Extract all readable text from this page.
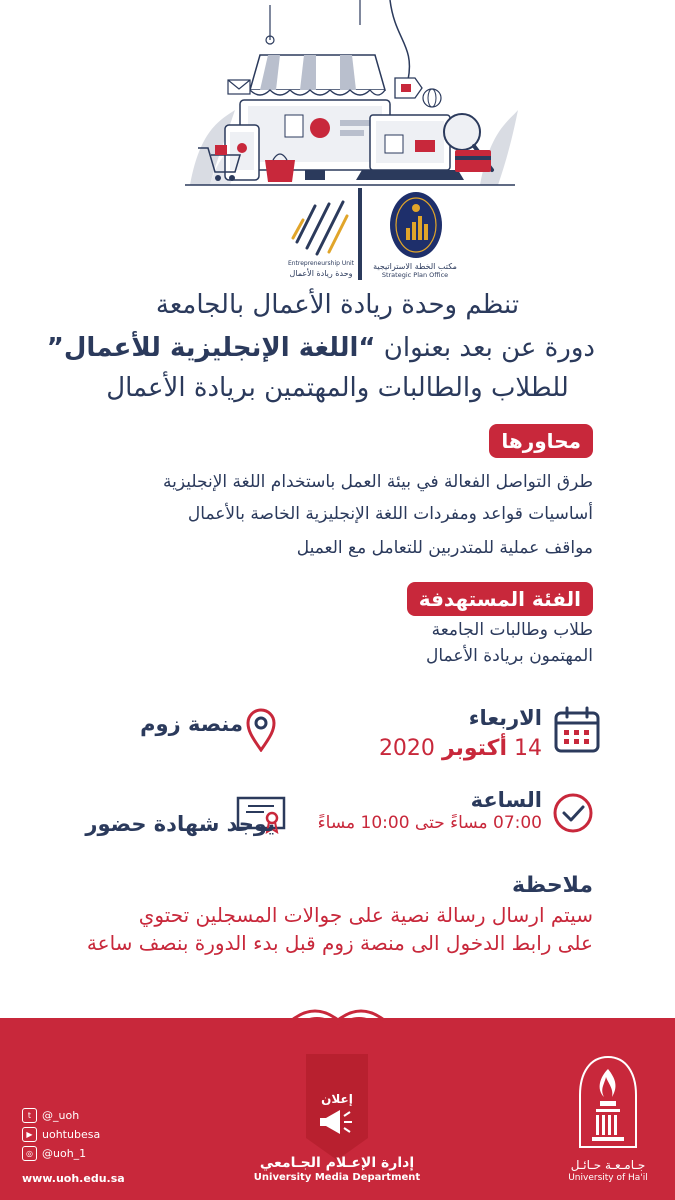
Entrepreneurship Unit
وحدة ريادة الأعمال
مكتب الخطة الاستراتيجية
Strategic Plan Office
تنظم وحدة ريادة الأعمال بالجامعة
دورة عن بعد بعنوان “اللغة الإنجليزية للأعمال”
للطلاب والطالبات والمهتمين بريادة الأعمال
محاورها
طرق التواصل الفعالة في بيئة العمل باستخدام اللغة الإنجليزية
أساسيات قواعد ومفردات اللغة الإنجليزية الخاصة بالأعمال
مواقف عملية للمتدربين للتعامل مع العميل
الفئة المستهدفة
طلاب وطالبات الجامعة
المهتمون بريادة الأعمال
الاربعاء
14 أكتوبر 2020
الساعة
07:00 مساءً حتى 10:00 مساءً
منصة زوم
يوجد شهادة حضور
ملاحظة
سيتم ارسال رسالة نصية على جوالات المسجلين تحتوي
على رابط الدخول الى منصة زوم قبل بدء الدورة بنصف ساعة
إعلان
إدارة الإعـلام الجـامعي
University Media Department
t @_uoh
▶ uohtubesa
◎ @uoh_1
www.uoh.edu.sa
جـامـعـة حـائـل
University of Ha'il
